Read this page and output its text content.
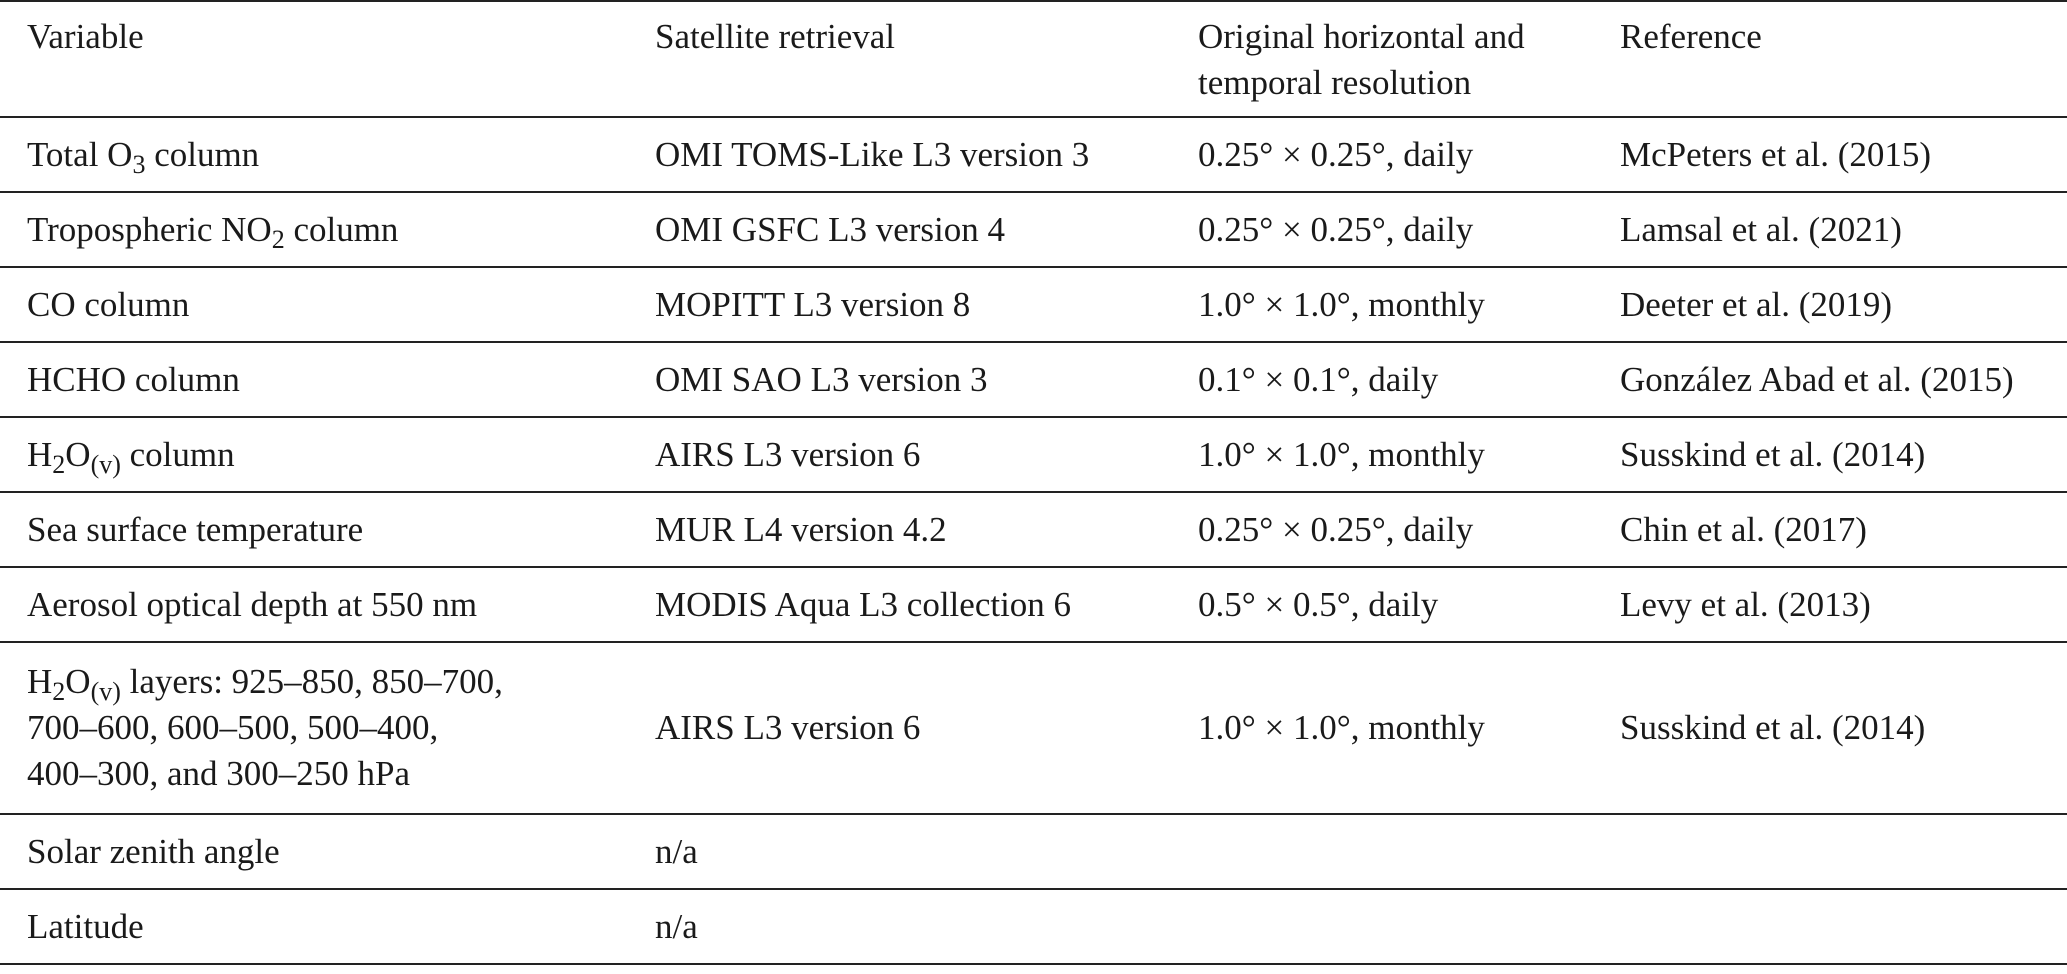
Variable	Satellite retrieval	Original horizontal and
temporal resolution	Reference

Total $O_3$ column	OMI TOMS-Like L3 version 3	0.25° × 0.25°, daily	McPeters et al. (2015)

Tropospheric $NO_2$ column	OMI GSFC L3 version 4	0.25° × 0.25°, daily	Lamsal et al. (2021)

CO column	MOPITT L3 version 8	1.0° × 1.0°, monthly	Deeter et al. (2019)

HCHO column	OMI SAO L3 version 3	0.1° × 0.1°, daily	González Abad et al. (2015)

$H_2O_{(v)}$ column	AIRS L3 version 6	1.0° × 1.0°, monthly	Susskind et al. (2014)

Sea surface temperature	MUR L4 version 4.2	0.25° × 0.25°, daily	Chin et al. (2017)

Aerosol optical depth at 550 nm	MODIS Aqua L3 collection 6	0.5° × 0.5°, daily	Levy et al. (2013)

$H_2O_{(v)}$ layers: 925–850, 850–700,
700–600, 600–500, 500–400,
400–300, and 300–250 hPa	AIRS L3 version 6	1.0° × 1.0°, monthly	Susskind et al. (2014)

Solar zenith angle	n/a		

Latitude	n/a		
